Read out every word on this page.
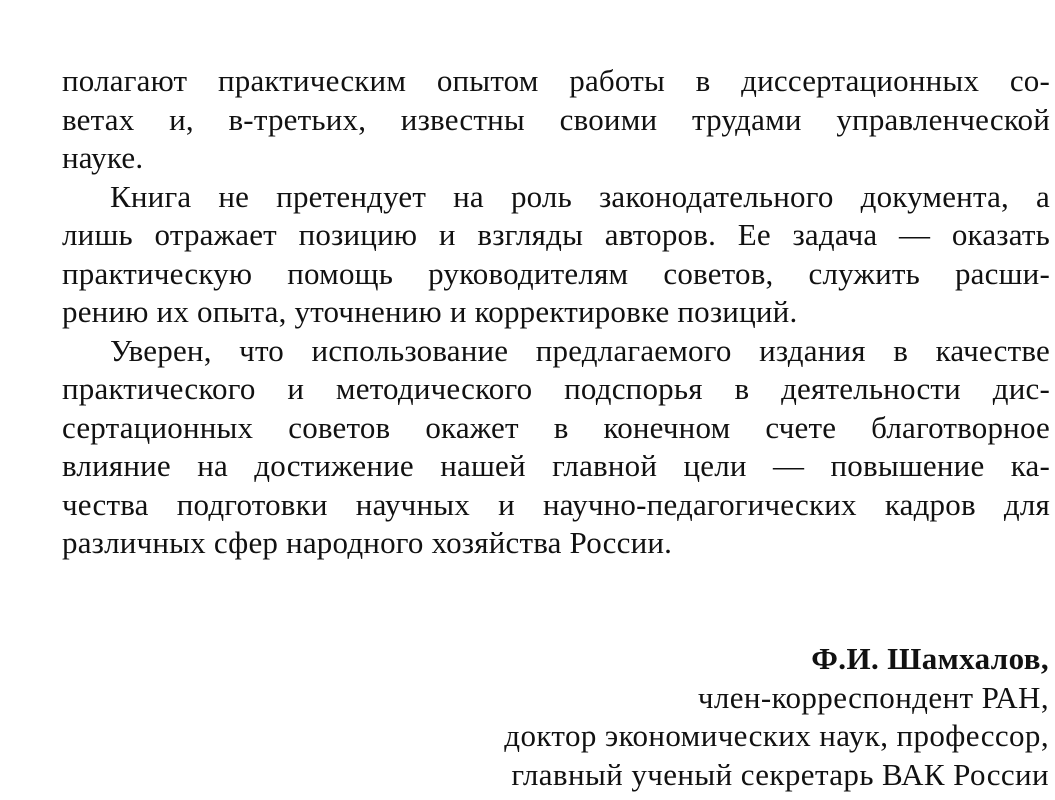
полагают практическим опытом работы в диссертационных со-
ветах и, в-третьих, известны своими трудами управленческой
науке.
Книга не претендует на роль законодательного документа, а
лишь отражает позицию и взгляды авторов. Ее задача — оказать
практическую помощь руководителям советов, служить расши-
рению их опыта, уточнению и корректировке позиций.
Уверен, что использование предлагаемого издания в качестве
практического и методического подспорья в деятельности дис-
сертационных советов окажет в конечном счете благотворное
влияние на достижение нашей главной цели — повышение ка-
чества подготовки научных и научно-педагогических кадров для
различных сфер народного хозяйства России.
Ф.И. Шамхалов,
член-корреспондент РАН,
доктор экономических наук, профессор,
главный ученый секретарь ВАК России
